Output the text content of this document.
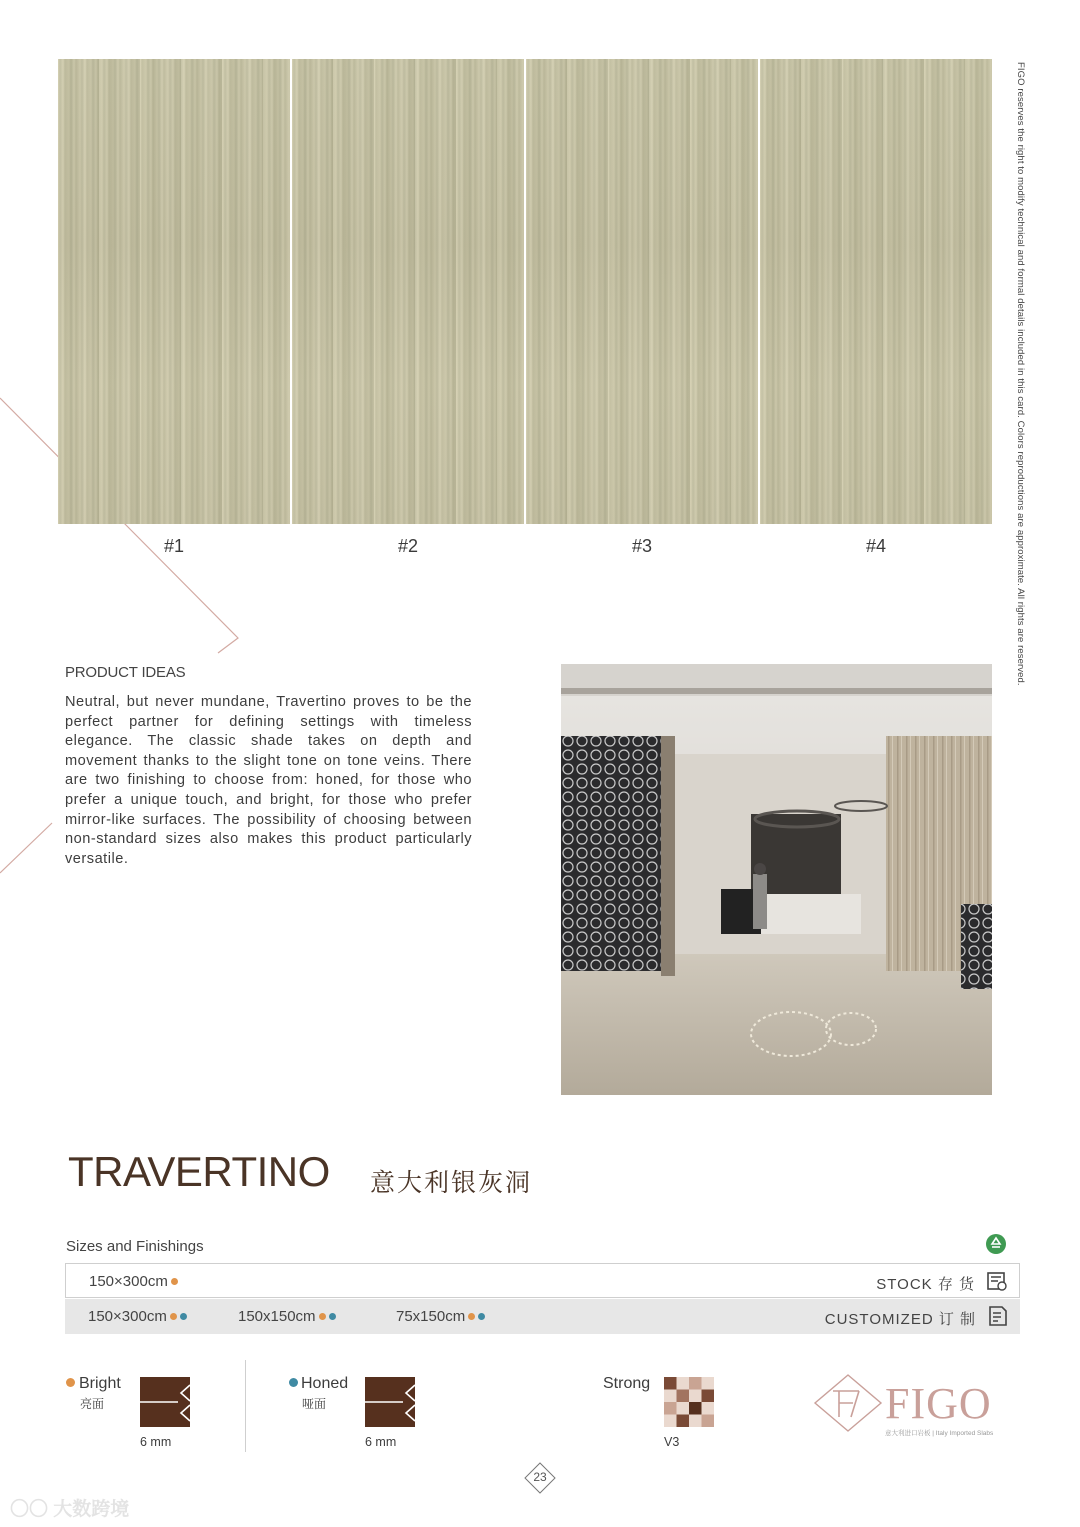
#1	#2	#3	#4	FIGO reserves the right to modify technical and formal details included in this card. Colors reproductions are approximate. All rights are reserved.
PRODUCT IDEAS
Neutral, but never mundane, Travertino proves to be the perfect partner for defining settings with timeless elegance. The classic shade takes on depth and movement thanks to the slight tone on tone veins. There are two finishing to choose from: honed, for those who prefer a unique touch, and bright, for those who prefer mirror-like surfaces. The possibility of choosing between non-standard sizes also makes this product particularly versatile.
TRAVERTINO 意大利银灰洞
Sizes and Finishings
150×300cm	STOCK 存 货
150×300cm	150x150cm	75x150cm	CUSTOMIZED 订 制
Bright
亮面
6 mm
Honed
哑面
6 mm
Strong
V3
FIGO
意大利进口岩板 | Italy Imported Slabs
23
〇〇 大数跨境
